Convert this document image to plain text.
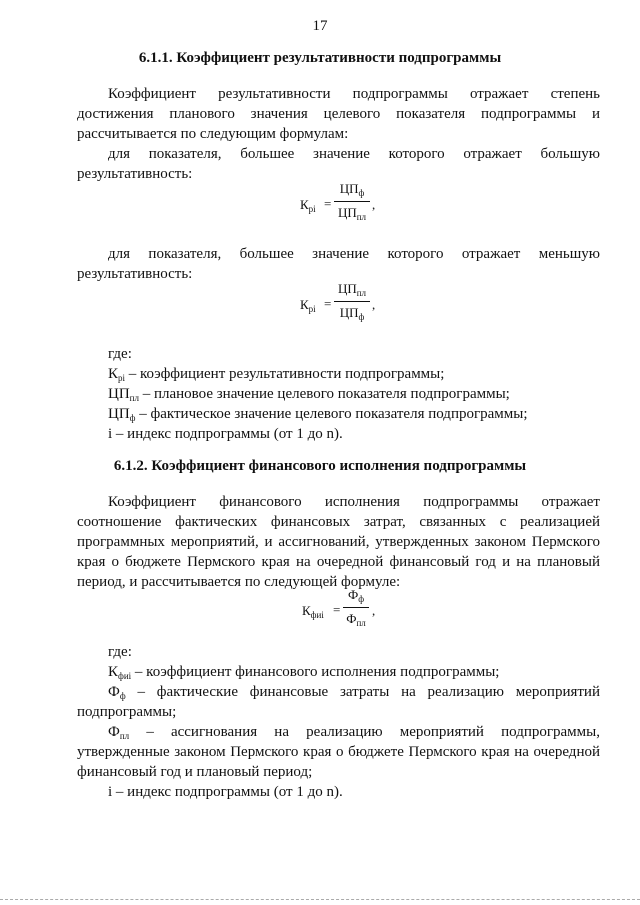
17
6.1.1. Коэффициент результативности подпрограммы
Коэффициент результативности подпрограммы отражает степень достижения планового значения целевого показателя подпрограммы и рассчитывается по следующим формулам:
для показателя, большее значение которого отражает большую результативность:
$К_{рi}$ =
$ЦП_ф$
$ЦП_{пл}$
,
для показателя, большее значение которого отражает меньшую результативность:
$К_{рi}$ =
$ЦП_{пл}$
$ЦП_ф$
,
где:
$К_{рi}$ – коэффициент результативности подпрограммы;
$ЦП_{пл}$ – плановое значение целевого показателя подпрограммы;
$ЦП_ф$ – фактическое значение целевого показателя подпрограммы;
i – индекс подпрограммы (от 1 до n).
6.1.2. Коэффициент финансового исполнения подпрограммы
Коэффициент финансового исполнения подпрограммы отражает соотношение фактических финансовых затрат, связанных с реализацией программных мероприятий, и ассигнований, утвержденных законом Пермского края о бюджете Пермского края на очередной финансовый год и на плановый период, и рассчитывается по следующей формуле:
$К_{фиi}$ =
$Ф_ф$
$Ф_{пл}$
,
где:
$К_{фиi}$ – коэффициент финансового исполнения подпрограммы;
$Ф_ф$ – фактические финансовые затраты на реализацию мероприятий подпрограммы;
$Ф_{пл}$ – ассигнования на реализацию мероприятий подпрограммы, утвержденные законом Пермского края о бюджете Пермского края на очередной финансовый год и плановый период;
i – индекс подпрограммы (от 1 до n).
